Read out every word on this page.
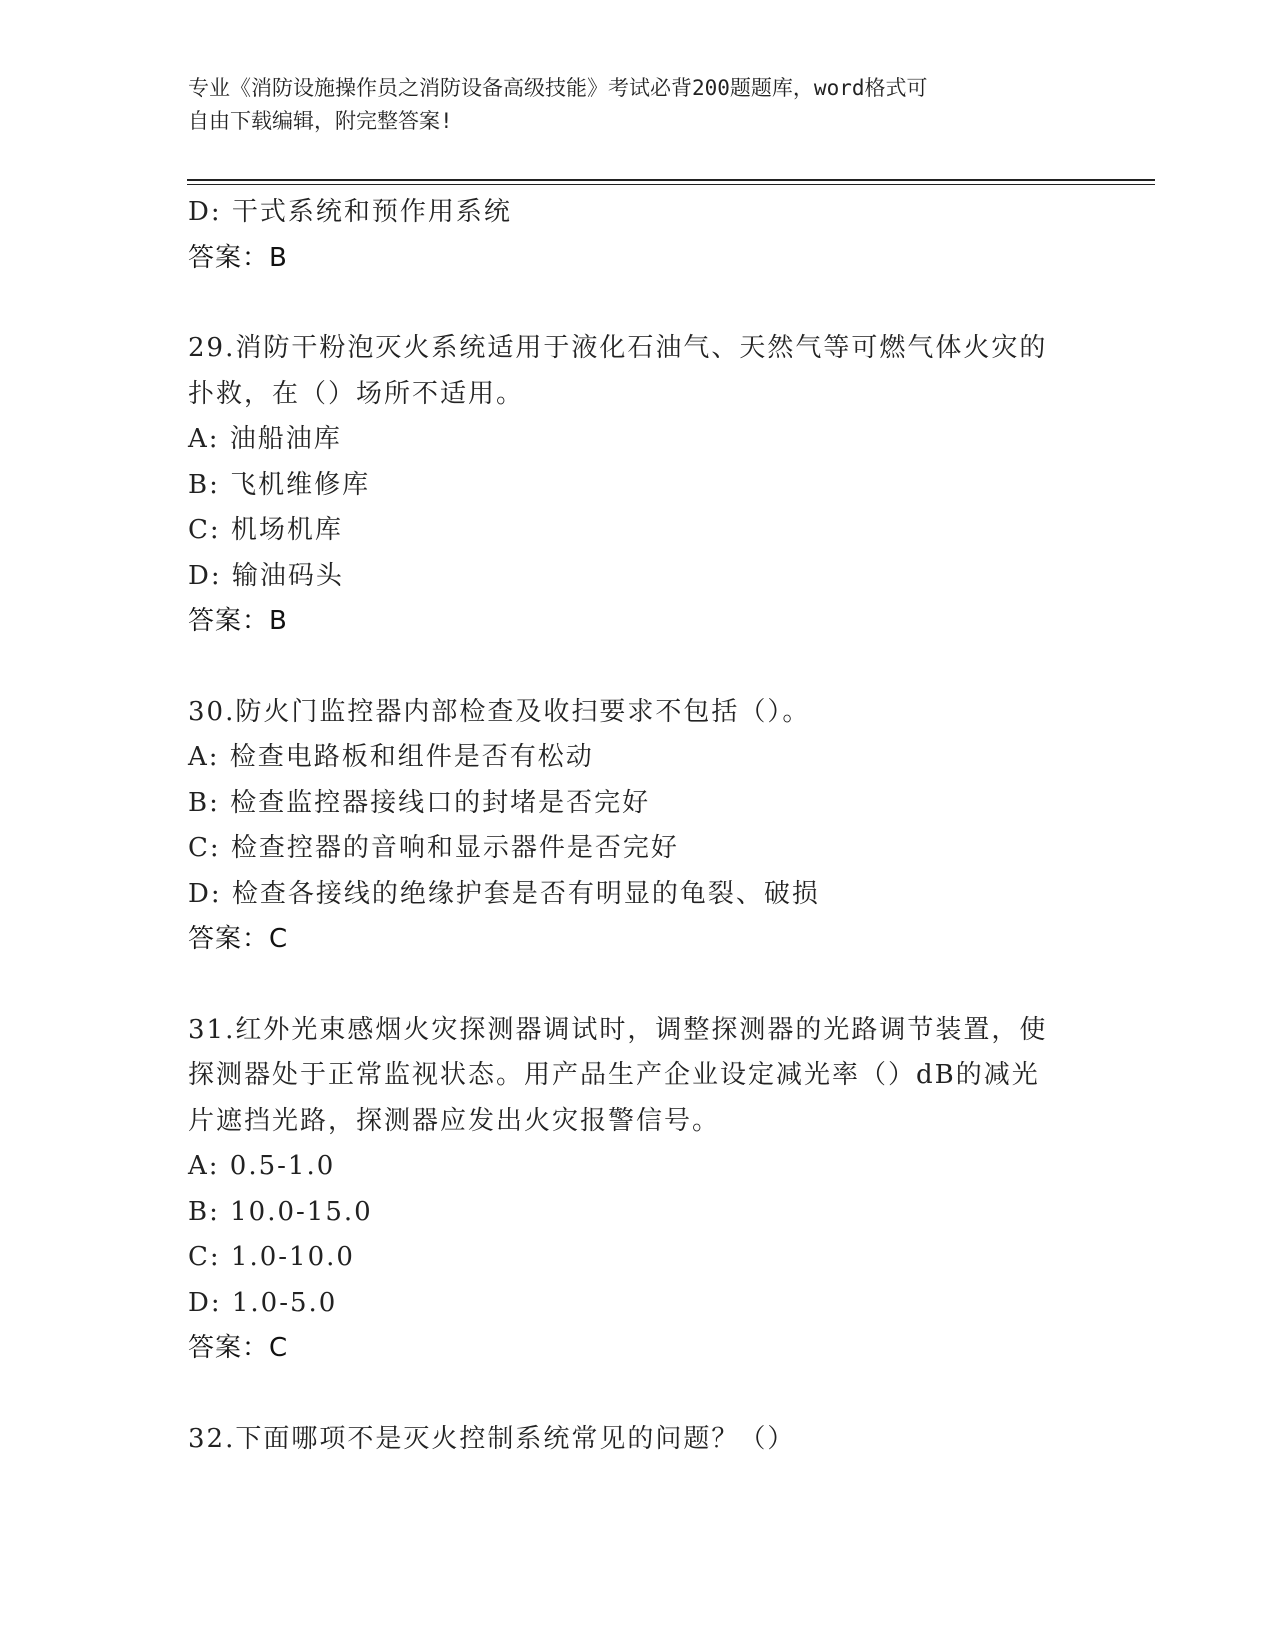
专业《消防设施操作员之消防设备高级技能》考试必背200题题库，word格式可
自由下载编辑，附完整答案!
D: 干式系统和预作用系统
答案：B
29.消防干粉泡灭火系统适用于液化石油气、天然气等可燃气体火灾的
扑救，在（）场所不适用。
A: 油船油库
B: 飞机维修库
C: 机场机库
D: 输油码头
答案：B
30.防火门监控器内部检查及收扫要求不包括（）。
A: 检查电路板和组件是否有松动
B: 检查监控器接线口的封堵是否完好
C: 检查控器的音响和显示器件是否完好
D: 检查各接线的绝缘护套是否有明显的龟裂、破损
答案：C
31.红外光束感烟火灾探测器调试时，调整探测器的光路调节装置，使
探测器处于正常监视状态。用产品生产企业设定减光率（）dB的减光
片遮挡光路，探测器应发出火灾报警信号。
A: 0.5-1.0
B: 10.0-15.0
C: 1.0-10.0
D: 1.0-5.0
答案：C
32.下面哪项不是灭火控制系统常见的问题？（）
